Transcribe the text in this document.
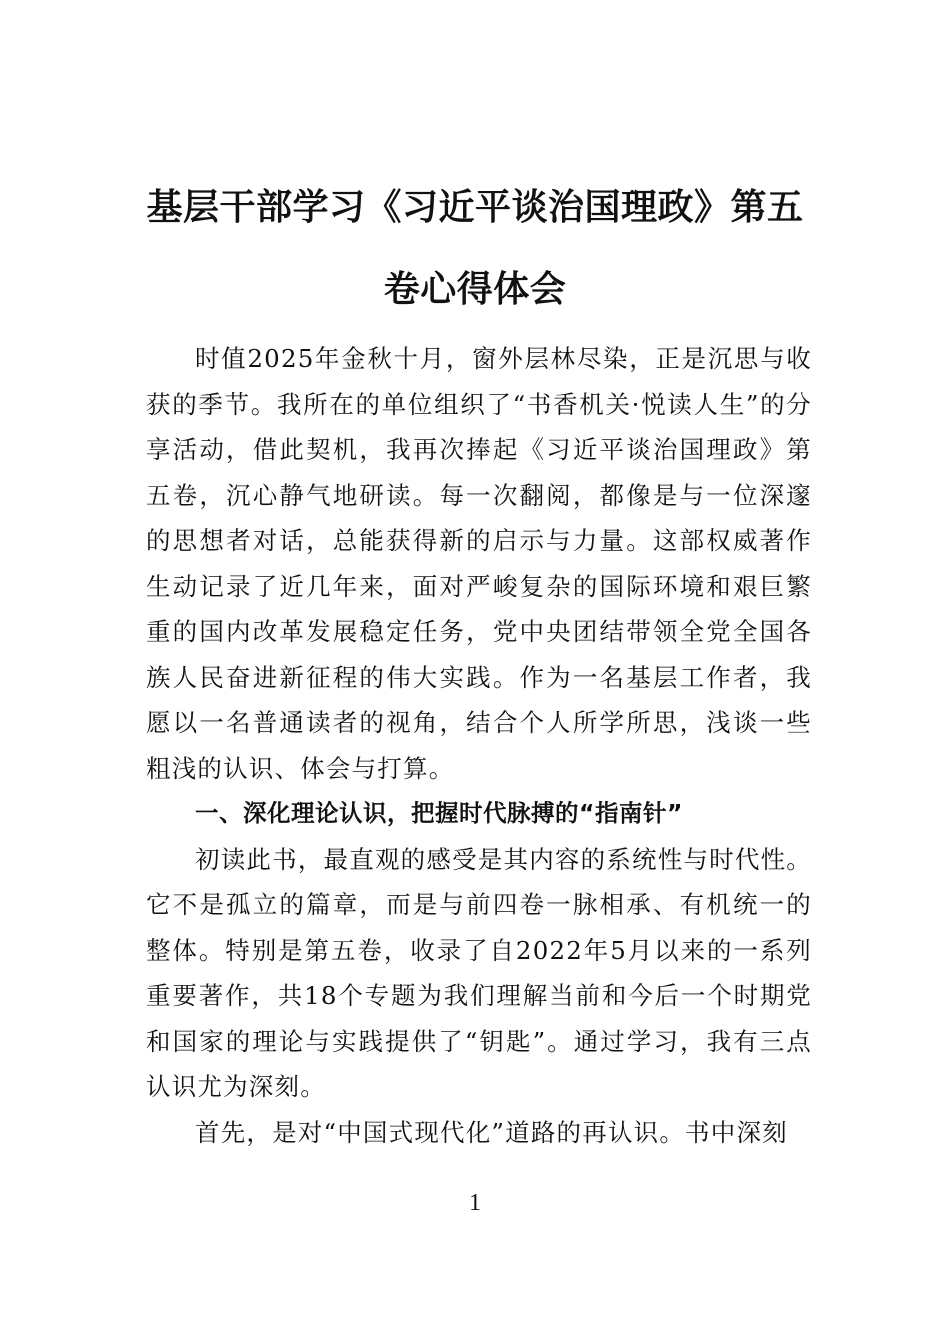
基层干部学习《习近平谈治国理政》第五卷心得体会

时值2025年金秋十月，窗外层林尽染，正是沉思与收获的季节。我所在的单位组织了“书香机关·悦读人生”的分享活动，借此契机，我再次捧起《习近平谈治国理政》第五卷，沉心静气地研读。每一次翻阅，都像是与一位深邃的思想者对话，总能获得新的启示与力量。这部权威著作生动记录了近几年来，面对严峻复杂的国际环境和艰巨繁重的国内改革发展稳定任务，党中央团结带领全党全国各族人民奋进新征程的伟大实践。作为一名基层工作者，我愿以一名普通读者的视角，结合个人所学所思，浅谈一些粗浅的认识、体会与打算。

一、深化理论认识，把握时代脉搏的“指南针”

初读此书，最直观的感受是其内容的系统性与时代性。它不是孤立的篇章，而是与前四卷一脉相承、有机统一的整体。特别是第五卷，收录了自2022年5月以来的一系列重要著作，共18个专题为我们理解当前和今后一个时期党和国家的理论与实践提供了“钥匙”。通过学习，我有三点认识尤为深刻。

首先，是对“中国式现代化”道路的再认识。书中深刻

1
